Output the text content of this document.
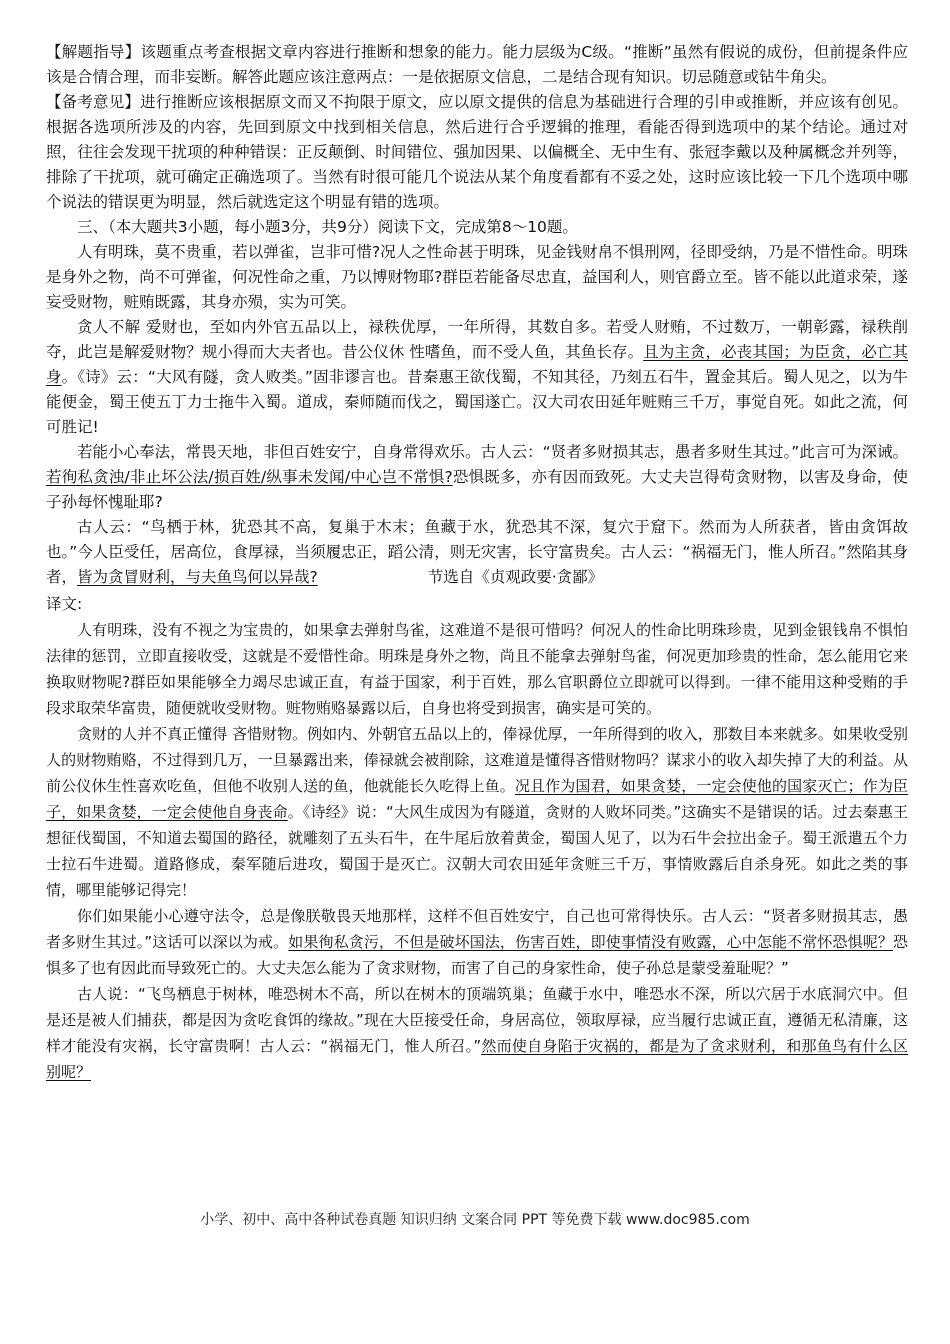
【解题指导】该题重点考查根据文章内容进行推断和想象的能力。能力层级为C级。“推断”虽然有假说的成份，但前提条件应该是合情合理，而非妄断。解答此题应该注意两点：一是依据原文信息，二是结合现有知识。切忌随意或钻牛角尖。

【备考意见】进行推断应该根据原文而又不拘限于原文，应以原文提供的信息为基础进行合理的引申或推断，并应该有创见。根据各选项所涉及的内容，先回到原文中找到相关信息，然后进行合乎逻辑的推理，看能否得到选项中的某个结论。通过对照，往往会发现干扰项的种种错误：正反颠倒、时间错位、强加因果、以偏概全、无中生有、张冠李戴以及种属概念并列等，排除了干扰项，就可确定正确选项了。当然有时很可能几个说法从某个角度看都有不妥之处，这时应该比较一下几个选项中哪个说法的错误更为明显，然后就选定这个明显有错的选项。

三、（本大题共3小题，每小题3分，共9分）阅读下文，完成第8～10题。

人有明珠，莫不贵重，若以弹雀，岂非可惜?况人之性命甚于明珠，见金钱财帛不惧刑网，径即受纳，乃是不惜性命。明珠是身外之物，尚不可弹雀，何况性命之重，乃以博财物耶?群臣若能备尽忠直，益国利人，则官爵立至。皆不能以此道求荣，遂妄受财物，赃贿既露，其身亦殒，实为可笑。

贪人不解 爱财也，至如内外官五品以上，禄秩优厚，一年所得，其数自多。若受人财贿，不过数万，一朝彰露，禄秩削夺，此岂是解爱财物？规小得而大夫者也。昔公仪休 性嗜鱼，而不受人鱼，其鱼长存。且为主贪，必丧其国；为臣贪，必亡其身。《诗》云：“大风有隧，贪人败类。”固非谬言也。昔秦惠王欲伐蜀，不知其径，乃刻五石牛，置金其后。蜀人见之，以为牛能便金，蜀王使五丁力士拖牛入蜀。道成，秦师随而伐之，蜀国遂亡。汉大司农田延年赃贿三千万，事觉自死。如此之流，何可胜记!

若能小心奉法，常畏天地，非但百姓安宁，自身常得欢乐。古人云：“贤者多财损其志，愚者多财生其过。”此言可为深诫。若徇私贪浊/非止坏公法/损百姓/纵事未发闻/中心岂不常惧?恐惧既多，亦有因而致死。大丈夫岂得苟贪财物，以害及身命，使子孙每怀愧耻耶?

古人云：“鸟栖于林，犹恐其不高，复巢于木末；鱼藏于水，犹恐其不深，复穴于窟下。然而为人所获者，皆由贪饵故也。”今人臣受任，居高位，食厚禄，当须履忠正，蹈公清，则无灾害，长守富贵矣。古人云：“祸福无门，惟人所召。”然陷其身者，皆为贪冒财利，与夫鱼鸟何以异哉?	节选自《贞观政要·贪鄙》

译文:

人有明珠，没有不视之为宝贵的，如果拿去弹射鸟雀，这难道不是很可惜吗？何况人的性命比明珠珍贵，见到金银钱帛不惧怕法律的惩罚，立即直接收受，这就是不爱惜性命。明珠是身外之物，尚且不能拿去弹射鸟雀，何况更加珍贵的性命，怎么能用它来换取财物呢?群臣如果能够全力竭尽忠诚正直，有益于国家，利于百姓，那么官职爵位立即就可以得到。一律不能用这种受贿的手段求取荣华富贵，随便就收受财物。赃物贿赂暴露以后，自身也将受到损害，确实是可笑的。

贪财的人并不真正懂得 吝惜财物。例如内、外朝官五品以上的，俸禄优厚，一年所得到的收入，那数目本来就多。如果收受别人的财物贿赂，不过得到几万，一旦暴露出来，俸禄就会被削除，这难道是懂得吝惜财物吗？谋求小的收入却失掉了大的利益。从前公仪休生性喜欢吃鱼，但他不收别人送的鱼，他就能长久吃得上鱼。况且作为国君，如果贪婪，一定会使他的国家灭亡；作为臣子，如果贪婪，一定会使他自身丧命。《诗经》说：“大风生成因为有隧道，贪财的人败坏同类。”这确实不是错误的话。过去秦惠王想征伐蜀国，不知道去蜀国的路径，就雕刻了五头石牛，在牛尾后放着黄金，蜀国人见了，以为石牛会拉出金子。蜀王派遣五个力士拉石牛进蜀。道路修成，秦军随后进攻，蜀国于是灭亡。汉朝大司农田延年贪赃三千万，事情败露后自杀身死。如此之类的事情，哪里能够记得完！

你们如果能小心遵守法令，总是像朕敬畏天地那样，这样不但百姓安宁，自己也可常得快乐。古人云：“贤者多财损其志，愚者多财生其过。”这话可以深以为戒。如果徇私贪污，不但是破坏国法，伤害百姓，即使事情没有败露，心中怎能不常怀恐惧呢？恐惧多了也有因此而导致死亡的。大丈夫怎么能为了贪求财物，而害了自己的身家性命，使子孙总是蒙受羞耻呢？”

古人说：“飞鸟栖息于树林，唯恐树木不高，所以在树木的顶端筑巢；鱼藏于水中，唯恐水不深，所以穴居于水底洞穴中。但是还是被人们捕获，都是因为贪吃食饵的缘故。”现在大臣接受任命，身居高位，领取厚禄，应当履行忠诚正直，遵循无私清廉，这样才能没有灾祸，长守富贵啊！古人云：“祸福无门，惟人所召。”然而使自身陷于灾祸的，都是为了贪求财利，和那鱼鸟有什么区别呢？

小学、初中、高中各种试卷真题 知识归纳 文案合同 PPT 等免费下载 www.doc985.com
